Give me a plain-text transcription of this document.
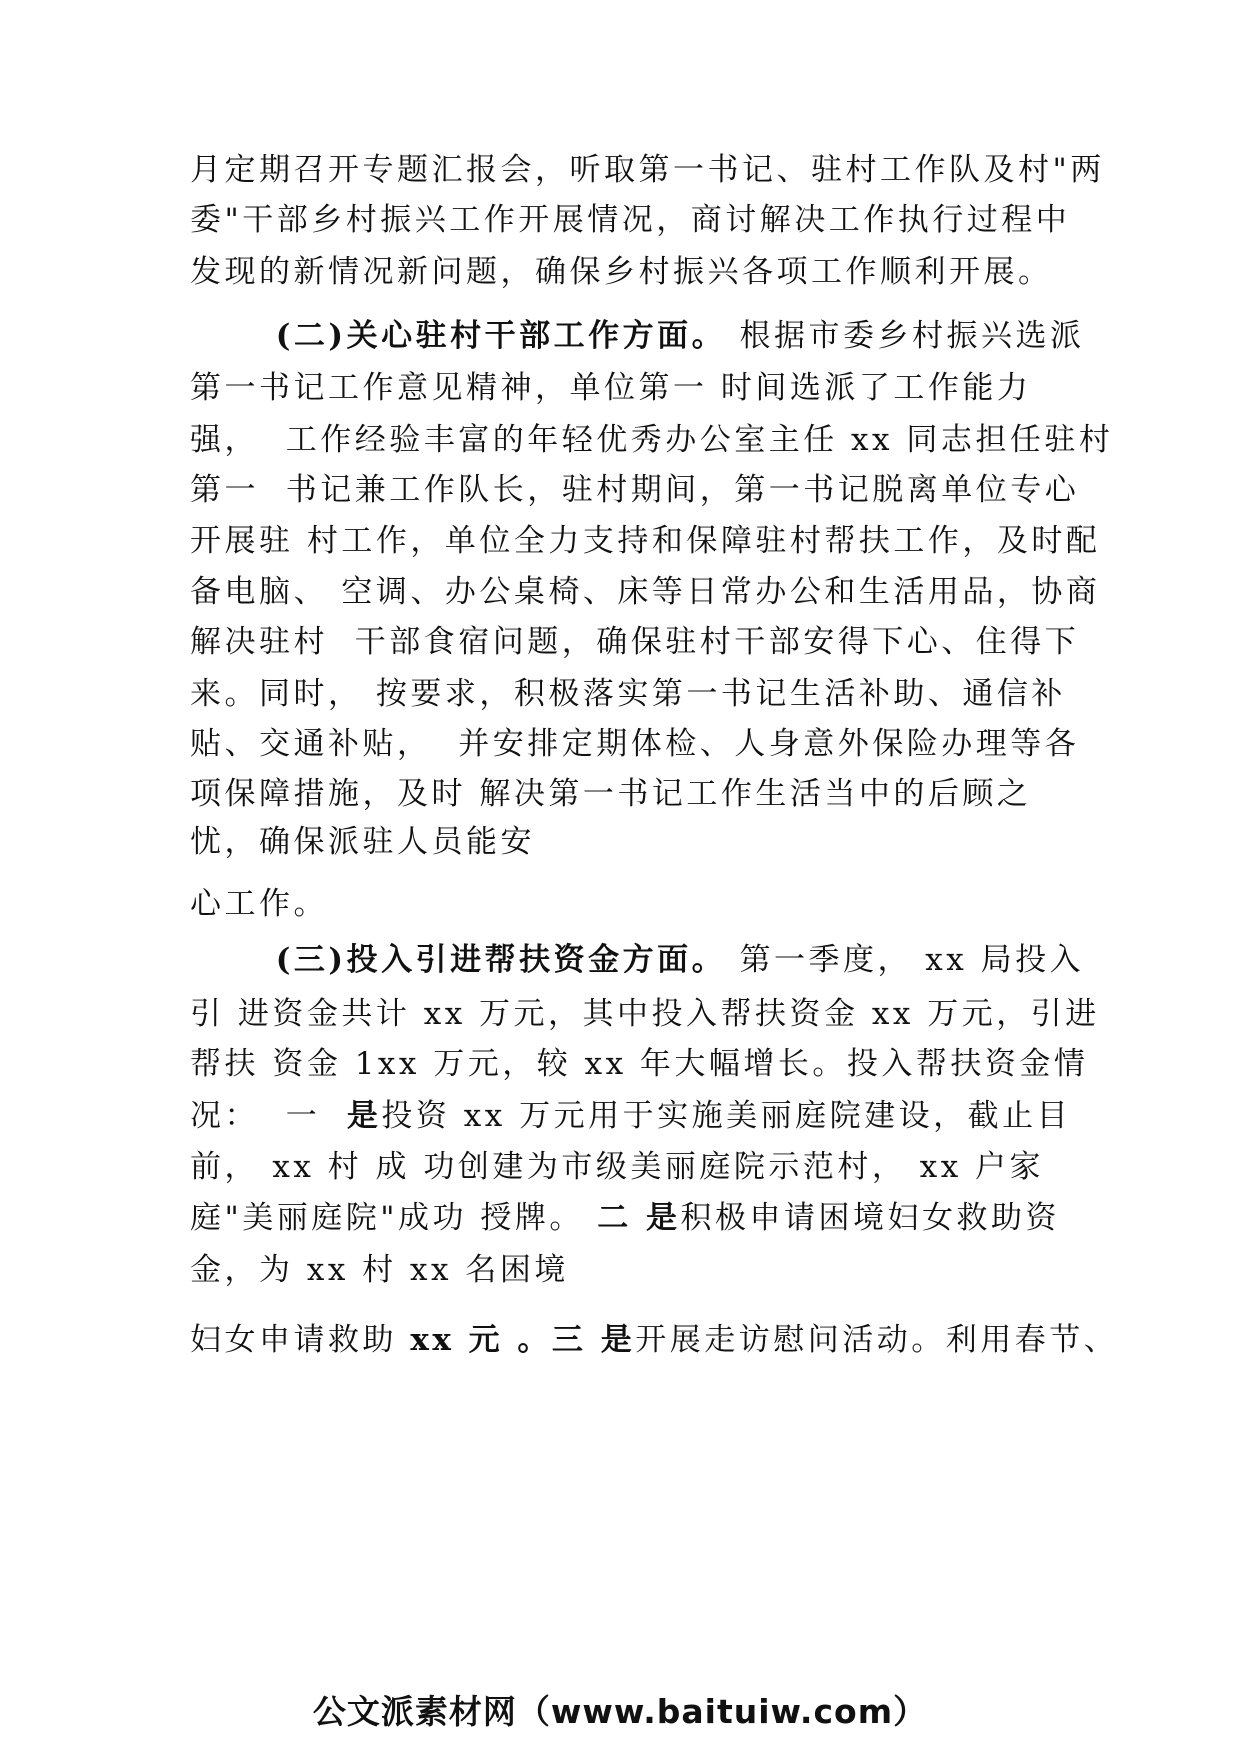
月定期召开专题汇报会，听取第一书记、驻村工作队及村"两
委"干部乡村振兴工作开展情况，商讨解决工作执行过程中
发现的新情况新问题，确保乡村振兴各项工作顺利开展。
(二)关心驻村干部工作方面。 根据市委乡村振兴选派
第一书记工作意见精神，单位第一 时间选派了工作能力
强，  工作经验丰富的年轻优秀办公室主任 xx 同志担任驻村
第一  书记兼工作队长，驻村期间，第一书记脱离单位专心
开展驻 村工作，单位全力支持和保障驻村帮扶工作，及时配
备电脑、 空调、办公桌椅、床等日常办公和生活用品，协商
解决驻村  干部食宿问题，确保驻村干部安得下心、住得下
来。同时， 按要求，积极落实第一书记生活补助、通信补
贴、交通补贴，  并安排定期体检、人身意外保险办理等各
项保障措施，及时 解决第一书记工作生活当中的后顾之
忧，确保派驻人员能安
心工作。
(三)投入引进帮扶资金方面。 第一季度， xx 局投入
引 进资金共计 xx 万元，其中投入帮扶资金 xx 万元，引进
帮扶 资金 1xx 万元，较 xx 年大幅增长。投入帮扶资金情
况：  一  是投资 xx 万元用于实施美丽庭院建设，截止目
前， xx 村 成 功创建为市级美丽庭院示范村， xx 户家
庭"美丽庭院"成功 授牌。 二 是积极申请困境妇女救助资
金，为 xx 村 xx 名困境
妇女申请救助 xx 元 。三 是开展走访慰问活动。利用春节、
公文派素材网（www.baituiw.com）
